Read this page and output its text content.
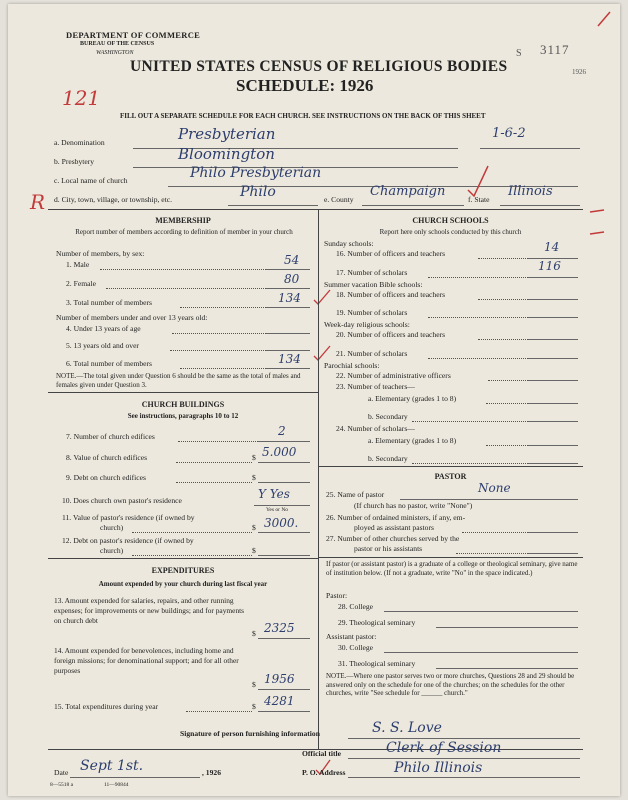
DEPARTMENT OF COMMERCE
BUREAU OF THE CENSUS
WASHINGTON
UNITED STATES CENSUS OF RELIGIOUS BODIES
SCHEDULE: 1926
FILL OUT A SEPARATE SCHEDULE FOR EACH CHURCH. SEE INSTRUCTIONS ON THE BACK OF THIS SHEET
S 3117
1926
121
R
a. Denomination	Presbyterian	1-6-2
b. Presbytery	Bloomington
c. Local name of church	Philo Presbyterian
d. City, town, village, or township, etc.	Philo	e. County
Champaign
f. State
Illinois
MEMBERSHIP
Report number of members according to definition of member in your church
Number of members, by sex:
1. Male	54
2. Female	80
3. Total number of members	134
Number of members under and over 13 years old:
4. Under 13 years of age
5. 13 years old and over
6. Total number of members	134
NOTE.—The total given under Question 6 should be the same as the total of males and females given under Question 3.
CHURCH BUILDINGS
See instructions, paragraphs 10 to 12
7. Number of church edifices	2
8. Value of church edifices	$ 5.000
9. Debt on church edifices	$
10. Does church own pastor's residence	Y Yes
Yes or No
11. Value of pastor's residence (if owned by
church)	$ 3000.
12. Debt on pastor's residence (if owned by
church)	$
EXPENDITURES
Amount expended by your church during last fiscal year
13. Amount expended for salaries, repairs, and other running expenses; for improvements or new buildings; and for payments on church debt
$ 2325
14. Amount expended for benevolences, including home and foreign missions; for denominational support; and for all other purposes
$ 1956
15. Total expenditures during year	$ 4281
CHURCH SCHOOLS
Report here only schools conducted by this church
Sunday schools:
16. Number of officers and teachers	14
17. Number of scholars	116
Summer vacation Bible schools:
18. Number of officers and teachers
19. Number of scholars
Week-day religious schools:
20. Number of officers and teachers
21. Number of scholars
Parochial schools:
22. Number of administrative officers
23. Number of teachers—
a. Elementary (grades 1 to 8)
b. Secondary
24. Number of scholars—
a. Elementary (grades 1 to 8)
b. Secondary
PASTOR
25. Name of pastor	None
(If church has no pastor, write "None")
26. Number of ordained ministers, if any, em-
ployed as assistant pastors
27. Number of other churches served by the
pastor or his assistants
If pastor (or assistant pastor) is a graduate of a college or theological seminary, give name of institution below. (If not a graduate, write "No" in the space indicated.)
Pastor:
28. College
29. Theological seminary
Assistant pastor:
30. College
31. Theological seminary
NOTE.—Where one pastor serves two or more churches, Questions 28 and 29 should be answered only on the schedule for one of the churches; on the schedules for the other churches, write "See schedule for ______ church."
Signature of person furnishing information	S. S. Love
Official title	Clerk of Session
Date Sept 1st.	, 1926	P. O. Address	Philo Illinois
8—5518 a	11—90844
